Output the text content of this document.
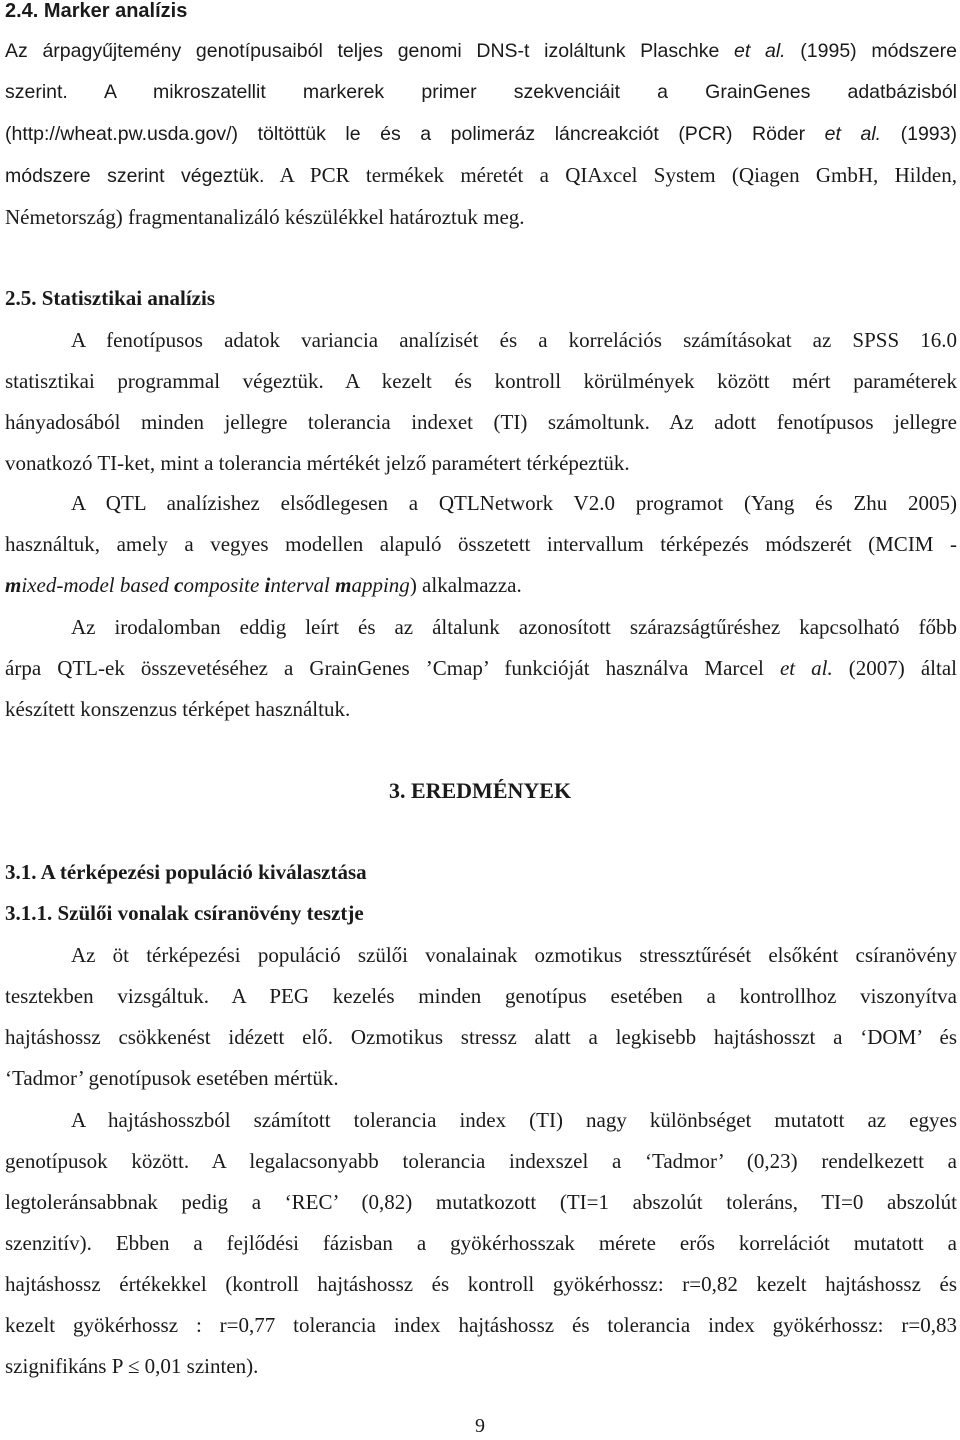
2.4. Marker analízis
Az árpagyűjtemény genotípusaiból teljes genomi DNS-t izoláltunk Plaschke et al. (1995) módszere
szerint. A mikroszatellit markerek primer szekvenciáit a GrainGenes adatbázisból
(http://wheat.pw.usda.gov/) töltöttük le és a polimeráz láncreakciót (PCR) Röder et al. (1993)
módszere szerint végeztük. A PCR termékek méretét a QIAxcel System (Qiagen GmbH, Hilden,
Németország) fragmentanalizáló készülékkel határoztuk meg.
2.5. Statisztikai analízis
A fenotípusos adatok variancia analízisét és a korrelációs számításokat az SPSS 16.0
statisztikai programmal végeztük. A kezelt és kontroll körülmények között mért paraméterek
hányadosából minden jellegre tolerancia indexet (TI) számoltunk. Az adott fenotípusos jellegre
vonatkozó TI-ket, mint a tolerancia mértékét jelző paramétert térképeztük.
A QTL analízishez elsődlegesen a QTLNetwork V2.0 programot (Yang és Zhu 2005)
használtuk, amely a vegyes modellen alapuló összetett intervallum térképezés módszerét (MCIM -
mixed-model based composite interval mapping) alkalmazza.
Az irodalomban eddig leírt és az általunk azonosított szárazságtűréshez kapcsolható főbb
árpa QTL-ek összevetéséhez a GrainGenes ’Cmap’ funkcióját használva Marcel et al. (2007) által
készített konszenzus térképet használtuk.
3. EREDMÉNYEK
3.1. A térképezési populáció kiválasztása
3.1.1. Szülői vonalak csíranövény tesztje
Az öt térképezési populáció szülői vonalainak ozmotikus stressztűrését elsőként csíranövény
tesztekben vizsgáltuk. A PEG kezelés minden genotípus esetében a kontrollhoz viszonyítva
hajtáshossz csökkenést idézett elő. Ozmotikus stressz alatt a legkisebb hajtáshosszt a ‘DOM’ és
‘Tadmor’ genotípusok esetében mértük.
A hajtáshosszból számított tolerancia index (TI) nagy különbséget mutatott az egyes
genotípusok között. A legalacsonyabb tolerancia indexszel a ‘Tadmor’ (0,23) rendelkezett a
legtoleránsabbnak pedig a ‘REC’ (0,82) mutatkozott (TI=1 abszolút toleráns, TI=0 abszolút
szenzitív). Ebben a fejlődési fázisban a gyökérhosszak mérete erős korrelációt mutatott a
hajtáshossz értékekkel (kontroll hajtáshossz és kontroll gyökérhossz: r=0,82 kezelt hajtáshossz és
kezelt gyökérhossz : r=0,77 tolerancia index hajtáshossz és tolerancia index gyökérhossz: r=0,83
szignifikáns P ≤ 0,01 szinten).
9
